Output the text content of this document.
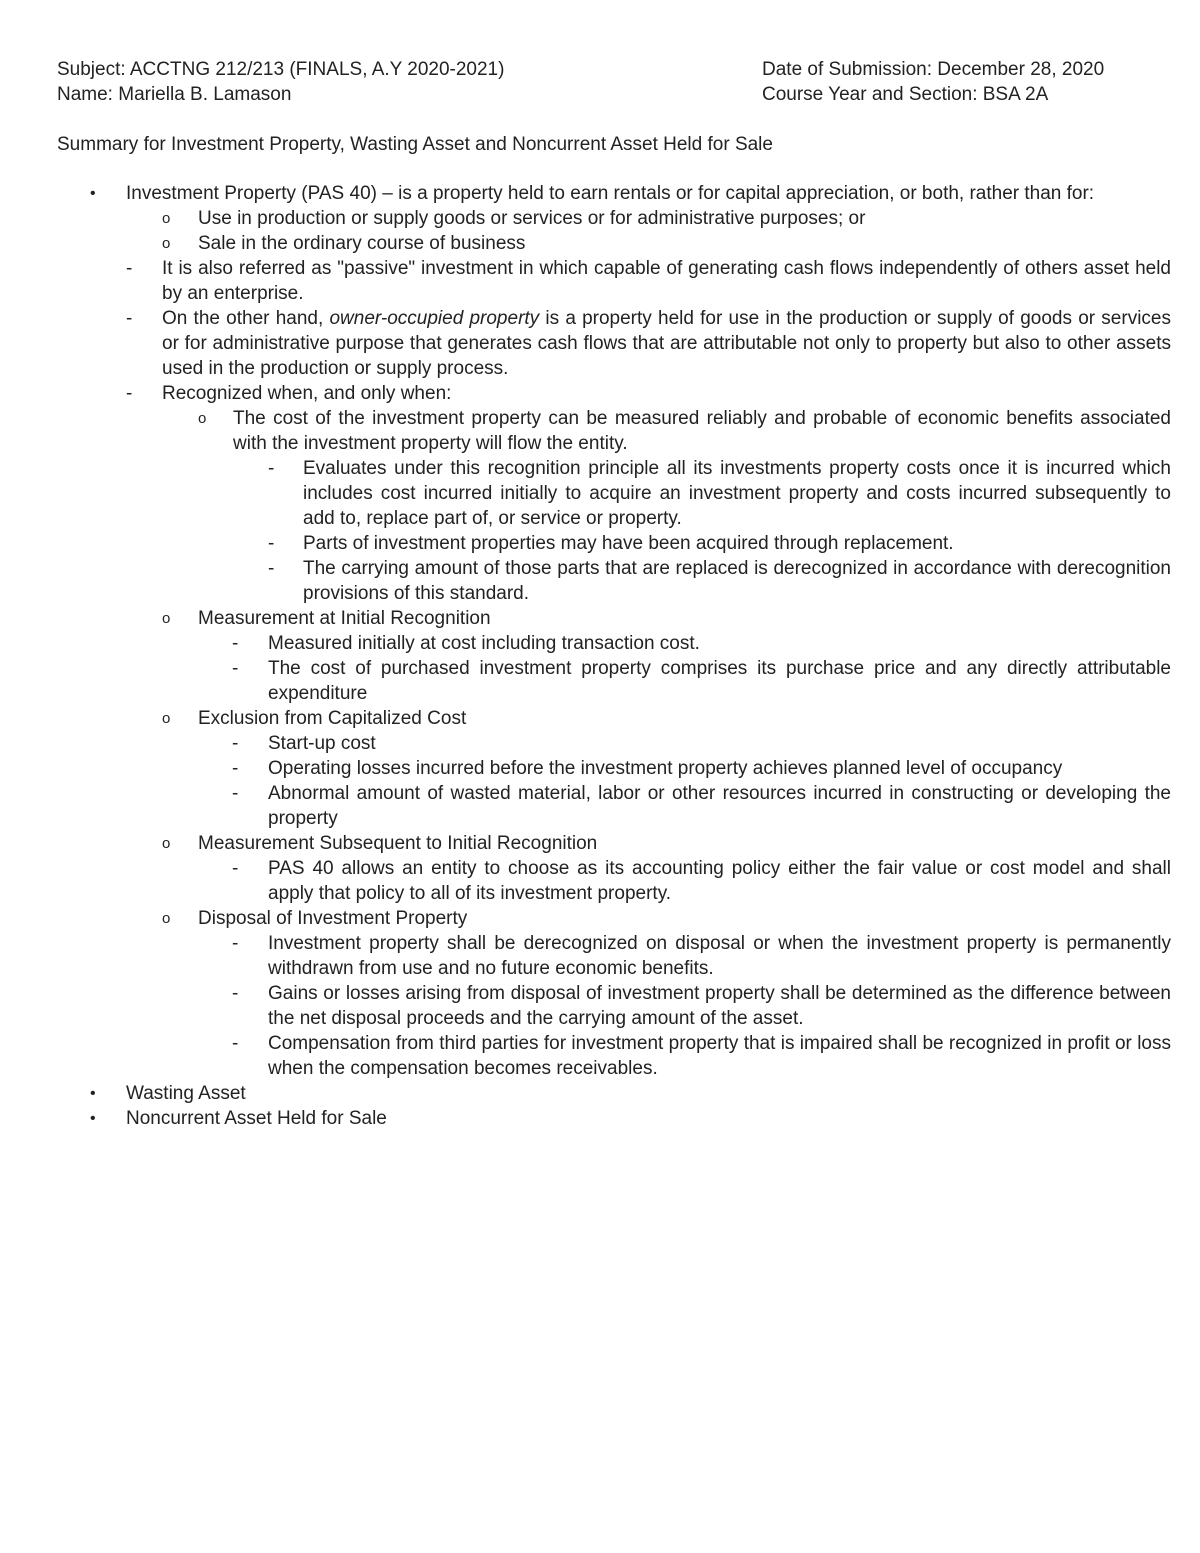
Subject: ACCTNG 212/213 (FINALS, A.Y 2020-2021)	Date of Submission: December 28, 2020
Name: Mariella B. Lamason	Course Year and Section: BSA 2A
Summary for Investment Property, Wasting Asset and Noncurrent Asset Held for Sale
• Investment Property (PAS 40) – is a property held to earn rentals or for capital appreciation, or both, rather than for:
o Use in production or supply goods or services or for administrative purposes; or
o Sale in the ordinary course of business
- It is also referred as "passive" investment in which capable of generating cash flows independently of others asset held by an enterprise.
- On the other hand, owner-occupied property is a property held for use in the production or supply of goods or services or for administrative purpose that generates cash flows that are attributable not only to property but also to other assets used in the production or supply process.
- Recognized when, and only when:
o The cost of the investment property can be measured reliably and probable of economic benefits associated with the investment property will flow the entity.
- Evaluates under this recognition principle all its investments property costs once it is incurred which includes cost incurred initially to acquire an investment property and costs incurred subsequently to add to, replace part of, or service or property.
- Parts of investment properties may have been acquired through replacement.
- The carrying amount of those parts that are replaced is derecognized in accordance with derecognition provisions of this standard.
o Measurement at Initial Recognition
- Measured initially at cost including transaction cost.
- The cost of purchased investment property comprises its purchase price and any directly attributable expenditure
o Exclusion from Capitalized Cost
- Start-up cost
- Operating losses incurred before the investment property achieves planned level of occupancy
- Abnormal amount of wasted material, labor or other resources incurred in constructing or developing the property
o Measurement Subsequent to Initial Recognition
- PAS 40 allows an entity to choose as its accounting policy either the fair value or cost model and shall apply that policy to all of its investment property.
o Disposal of Investment Property
- Investment property shall be derecognized on disposal or when the investment property is permanently withdrawn from use and no future economic benefits.
- Gains or losses arising from disposal of investment property shall be determined as the difference between the net disposal proceeds and the carrying amount of the asset.
- Compensation from third parties for investment property that is impaired shall be recognized in profit or loss when the compensation becomes receivables.
• Wasting Asset
• Noncurrent Asset Held for Sale
